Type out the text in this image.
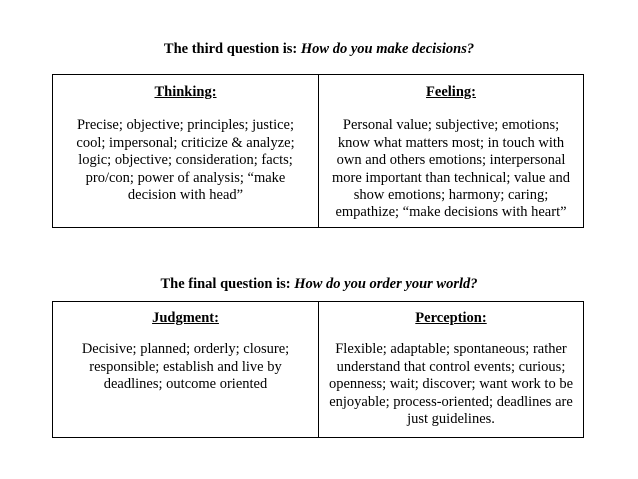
The third question is: How do you make decisions?
Thinking:
Precise; objective; principles; justice; cool; impersonal; criticize & analyze; logic; objective; consideration; facts; pro/con; power of analysis; “make decision with head”
Feeling:
Personal value; subjective; emotions; know what matters most; in touch with own and others emotions; interpersonal more important than technical; value and show emotions; harmony; caring; empathize; “make decisions with heart”
The final question is: How do you order your world?
Judgment:
Decisive; planned; orderly; closure; responsible; establish and live by deadlines; outcome oriented
Perception:
Flexible; adaptable; spontaneous; rather understand that control events; curious; openness; wait; discover; want work to be enjoyable; process-oriented; deadlines are just guidelines.
